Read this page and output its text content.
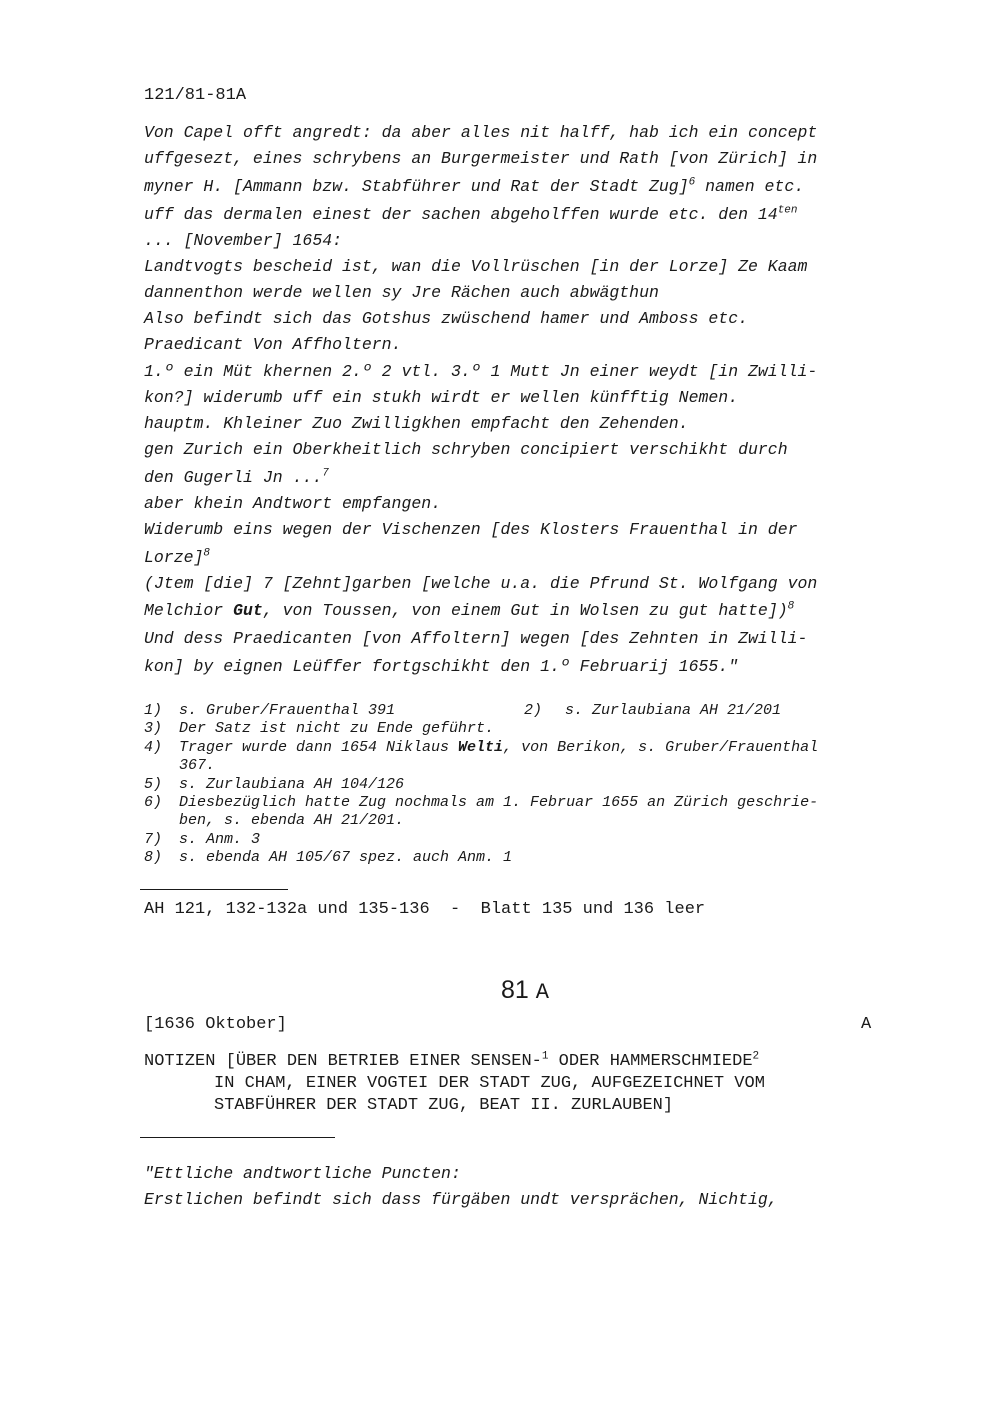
121/81-81A
Von Capel offt angredt: da aber alles nit halff, hab ich ein concept
uffgesezt, eines schrybens an Burgermeister und Rath [von Zürich] in
myner H. [Ammann bzw. Stabführer und Rat der Stadt Zug]$^6$ namen etc.
uff das dermalen einest der sachen abgeholffen wurde etc. den $14^{ten}$
... [November] 1654:
Landtvogts bescheid ist, wan die Vollrüschen [in der Lorze] Ze Kaam
dannenthon werde wellen sy Jre Rächen auch abwägthun
Also befindt sich das Gotshus zwüschend hamer und Amboss etc.
Praedicant Von Affholtern.
1.º ein Müt khernen 2.º 2 vtl. 3.º 1 Mutt Jn einer weydt [in Zwilli-
kon?] widerumb uff ein stukh wirdt er wellen künfftig Nemen.
hauptm. Khleiner Zuo Zwilligkhen empfacht den Zehenden.
gen Zurich ein Oberkheitlich schryben concipiert verschikht durch
den Gugerli Jn ...$^7$
aber khein Andtwort empfangen.
Widerumb eins wegen der Vischenzen [des Klosters Frauenthal in der
Lorze]$^8$
(Jtem [die] 7 [Zehnt]garben [welche u.a. die Pfrund St. Wolfgang von
Melchior Gut, von Toussen, von einem Gut in Wolsen zu gut hatte])$^8$
Und dess Praedicanten [von Affoltern] wegen [des Zehnten in Zwilli-
kon] by eignen Leüffer fortgschikht den 1.º Februarij 1655."
1) s. Gruber/Frauenthal 391	2) s. Zurlaubiana AH 21/201
3) Der Satz ist nicht zu Ende geführt.
4) Trager wurde dann 1654 Niklaus Welti, von Berikon, s. Gruber/Frauenthal
367.
5) s. Zurlaubiana AH 104/126
6) Diesbezüglich hatte Zug nochmals am 1. Februar 1655 an Zürich geschrie-
ben, s. ebenda AH 21/201.
7) s. Anm. 3
8) s. ebenda AH 105/67 spez. auch Anm. 1
AH 121, 132-132a und 135-136  -  Blatt 135 und 136 leer
81 A
[1636 Oktober]	A
NOTIZEN [ÜBER DEN BETRIEB EINER SENSEN-$^1$ ODER HAMMERSCHMIEDE$^2$
IN CHAM, EINER VOGTEI DER STADT ZUG, AUFGEZEICHNET VOM
STABFÜHRER DER STADT ZUG, BEAT II. ZURLAUBEN]
"Ettliche andtwortliche Puncten:
Erstlichen befindt sich dass fürgäben undt versprächen, Nichtig,
